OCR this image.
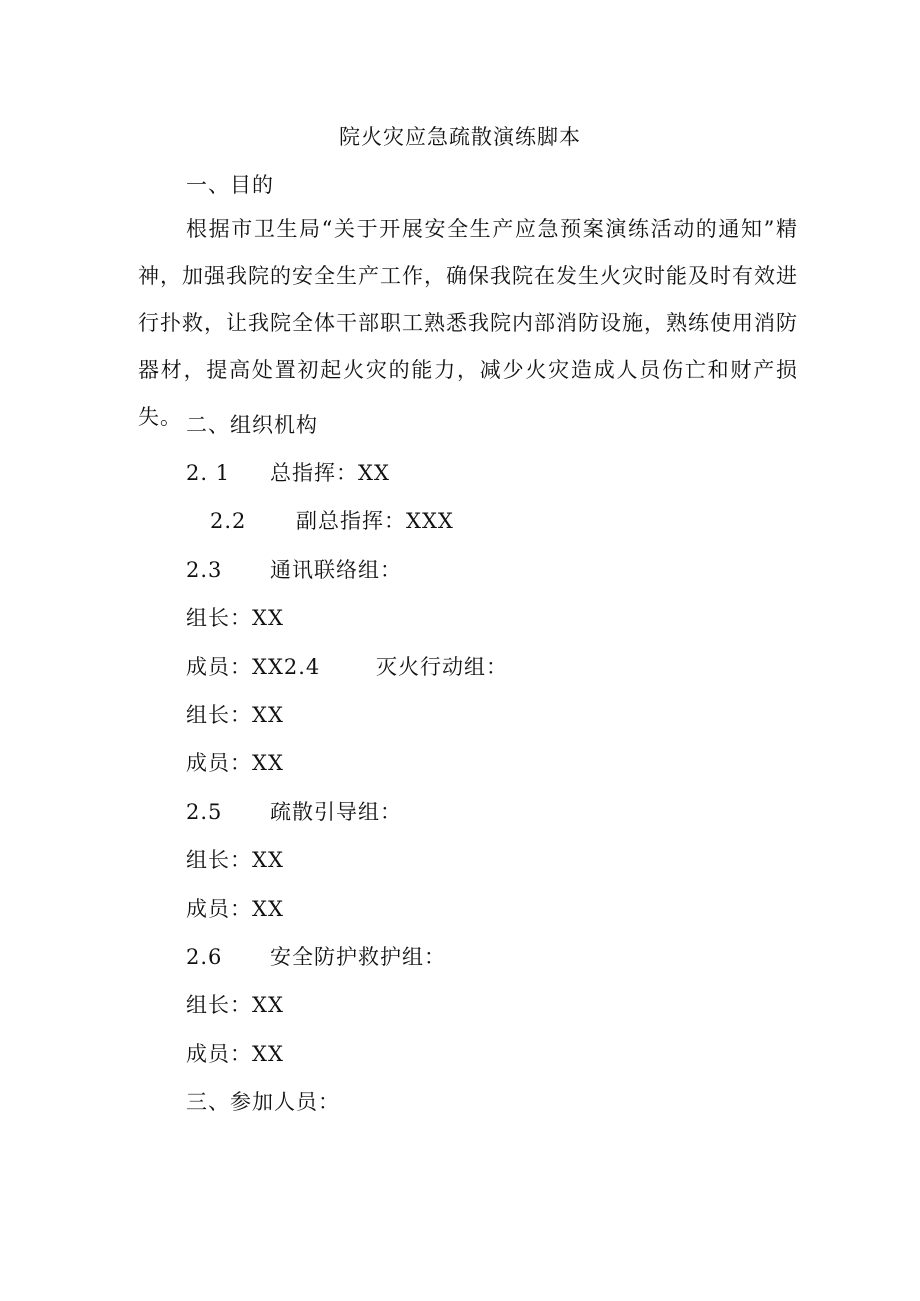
院火灾应急疏散演练脚本
一、目的
根据市卫生局“关于开展安全生产应急预案演练活动的通知”精神，加强我院的安全生产工作，确保我院在发生火灾时能及时有效进行扑救，让我院全体干部职工熟悉我院内部消防设施，熟练使用消防器材，提高处置初起火灾的能力，减少火灾造成人员伤亡和财产损失。 二、组织机构
2. 1 总指挥：XX
2.2 副总指挥：XXX
2.3 通讯联络组：
组长：XX
成员：XX2.4	灭火行动组：
组长：XX
成员：XX
2.5 疏散引导组：
组长：XX
成员：XX
2.6 安全防护救护组：
组长：XX
成员：XX
三、参加人员：
